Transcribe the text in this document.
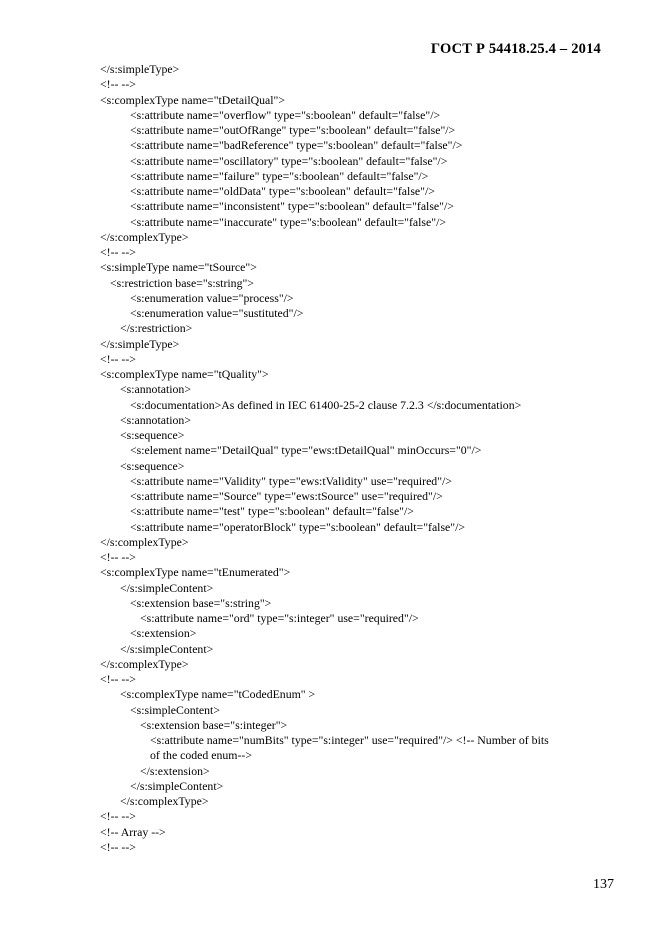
ГОСТ Р 54418.25.4 – 2014
</s:simpleType>
<!-- -->
<s:complexType name="tDetailQual">
<s:attribute name="overflow" type="s:boolean" default="false"/>
<s:attribute name="outOfRange" type="s:boolean" default="false"/>
<s:attribute name="badReference" type="s:boolean" default="false"/>
<s:attribute name="oscillatory" type="s:boolean" default="false"/>
<s:attribute name="failure" type="s:boolean" default="false"/>
<s:attribute name="oldData" type="s:boolean" default="false"/>
<s:attribute name="inconsistent" type="s:boolean" default="false"/>
<s:attribute name="inaccurate" type="s:boolean" default="false"/>
</s:complexType>
<!-- -->
<s:simpleType name="tSource">
<s:restriction base="s:string">
<s:enumeration value="process"/>
<s:enumeration value="sustituted"/>
</s:restriction>
</s:simpleType>
<!-- -->
<s:complexType name="tQuality">
<s:annotation>
<s:documentation>As defined in IEC 61400-25-2 clause 7.2.3 </s:documentation>
<s:annotation>
<s:sequence>
<s:element name="DetailQual" type="ews:tDetailQual" minOccurs="0"/>
<s:sequence>
<s:attribute name="Validity" type="ews:tValidity" use="required"/>
<s:attribute name="Source" type="ews:tSource" use="required"/>
<s:attribute name="test" type="s:boolean" default="false"/>
<s:attribute name="operatorBlock" type="s:boolean" default="false"/>
</s:complexType>
<!-- -->
<s:complexType name="tEnumerated">
</s:simpleContent>
<s:extension base="s:string">
<s:attribute name="ord" type="s:integer" use="required"/>
<s:extension>
</s:simpleContent>
</s:complexType>
<!-- -->
<s:complexType name="tCodedEnum" >
<s:simpleContent>
<s:extension base="s:integer">
<s:attribute name="numBits" type="s:integer" use="required"/> <!-- Number of bits
of the coded enum-->
</s:extension>
</s:simpleContent>
</s:complexType>
<!-- -->
<!-- Array -->
<!-- -->
137
